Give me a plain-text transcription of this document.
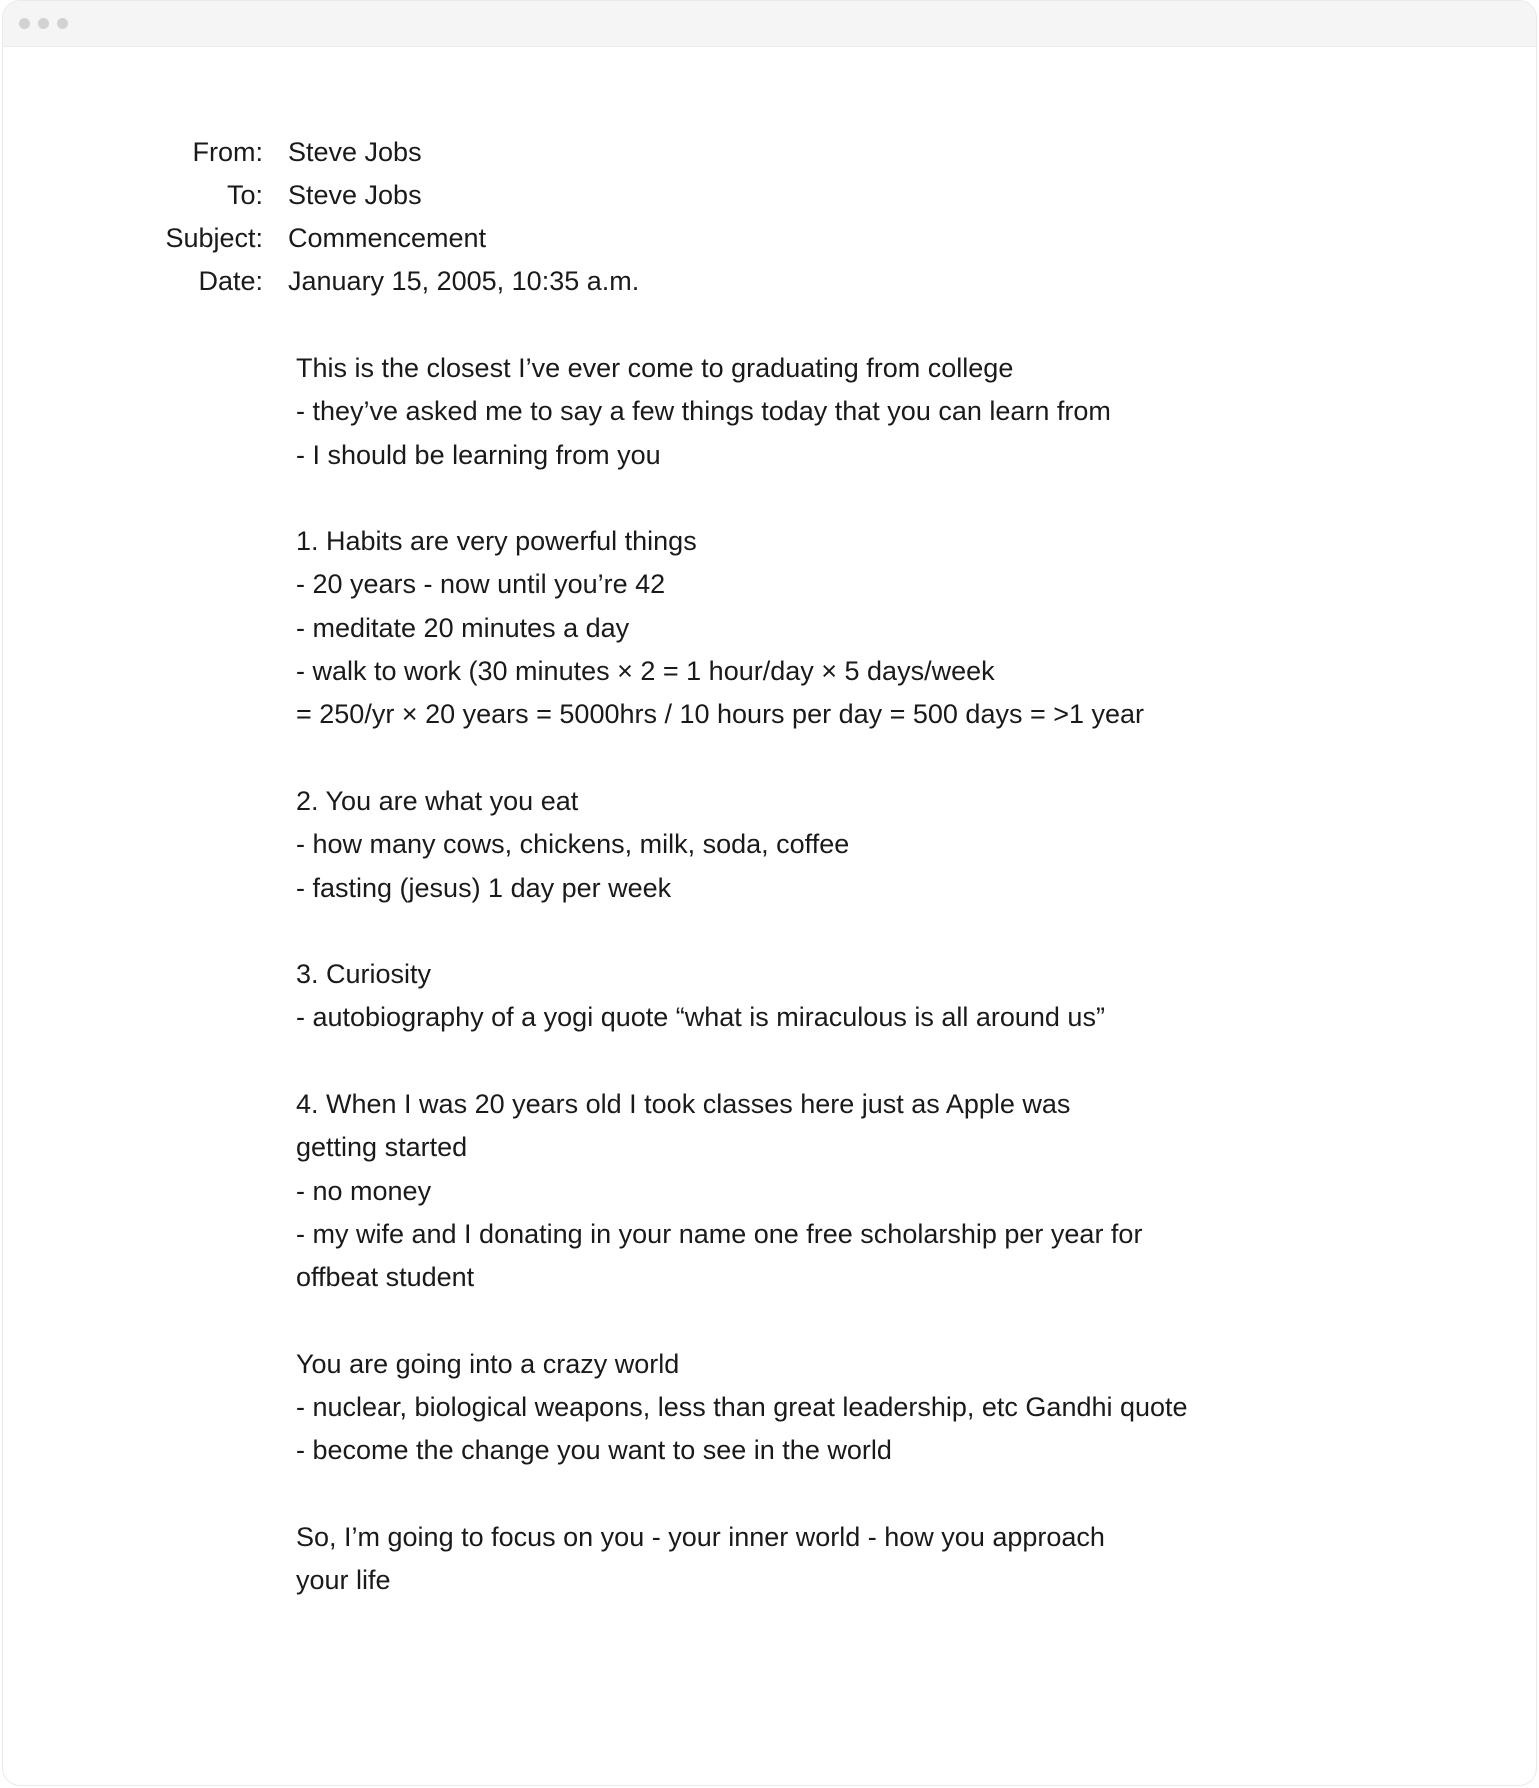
From: Steve Jobs
To: Steve Jobs
Subject: Commencement
Date: January 15, 2005, 10:35 a.m.
This is the closest I’ve ever come to graduating from college
- they’ve asked me to say a few things today that you can learn from
- I should be learning from you
1. Habits are very powerful things
- 20 years - now until you’re 42
- meditate 20 minutes a day
- walk to work (30 minutes × 2 = 1 hour/day × 5 days/week
= 250/yr × 20 years = 5000hrs / 10 hours per day = 500 days = >1 year
2. You are what you eat
- how many cows, chickens, milk, soda, coffee
- fasting (jesus) 1 day per week
3. Curiosity
- autobiography of a yogi quote “what is miraculous is all around us”
4. When I was 20 years old I took classes here just as Apple was
getting started
- no money
- my wife and I donating in your name one free scholarship per year for
offbeat student
You are going into a crazy world
- nuclear, biological weapons, less than great leadership, etc Gandhi quote
- become the change you want to see in the world
So, I’m going to focus on you - your inner world - how you approach
your life
